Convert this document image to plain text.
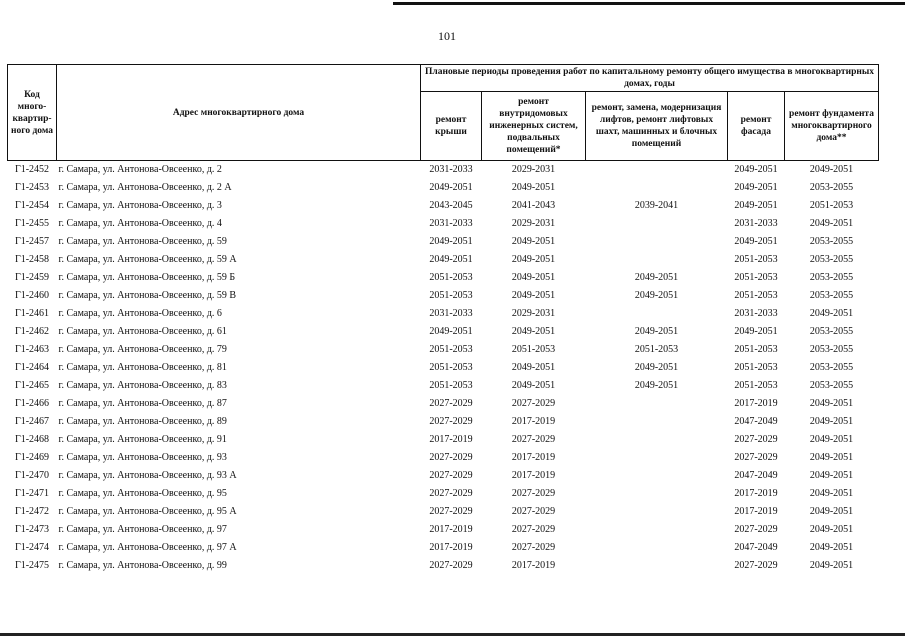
101
Код много-квартир-ного дома	Адрес многоквартирного дома	Плановые периоды проведения работ по капитальному ремонту общего имущества в многоквартирных домах, годы				
		ремонт крыши	ремонт внутридомовых инженерных систем, подвальных помещений*	ремонт, замена, модернизация лифтов, ремонт лифтовых шахт, машинных и блочных помещений	ремонт фасада	ремонт фундамента многоквартирного дома**
Г1-2452	г. Самара, ул. Антонова-Овсеенко, д. 2	2031-2033	2029-2031		2049-2051	2049-2051
Г1-2453	г. Самара, ул. Антонова-Овсеенко, д. 2 А	2049-2051	2049-2051		2049-2051	2053-2055
Г1-2454	г. Самара, ул. Антонова-Овсеенко, д. 3	2043-2045	2041-2043	2039-2041	2049-2051	2051-2053
Г1-2455	г. Самара, ул. Антонова-Овсеенко, д. 4	2031-2033	2029-2031		2031-2033	2049-2051
Г1-2457	г. Самара, ул. Антонова-Овсеенко, д. 59	2049-2051	2049-2051		2049-2051	2053-2055
Г1-2458	г. Самара, ул. Антонова-Овсеенко, д. 59 А	2049-2051	2049-2051		2051-2053	2053-2055
Г1-2459	г. Самара, ул. Антонова-Овсеенко, д. 59 Б	2051-2053	2049-2051	2049-2051	2051-2053	2053-2055
Г1-2460	г. Самара, ул. Антонова-Овсеенко, д. 59 В	2051-2053	2049-2051	2049-2051	2051-2053	2053-2055
Г1-2461	г. Самара, ул. Антонова-Овсеенко, д. 6	2031-2033	2029-2031		2031-2033	2049-2051
Г1-2462	г. Самара, ул. Антонова-Овсеенко, д. 61	2049-2051	2049-2051	2049-2051	2049-2051	2053-2055
Г1-2463	г. Самара, ул. Антонова-Овсеенко, д. 79	2051-2053	2051-2053	2051-2053	2051-2053	2053-2055
Г1-2464	г. Самара, ул. Антонова-Овсеенко, д. 81	2051-2053	2049-2051	2049-2051	2051-2053	2053-2055
Г1-2465	г. Самара, ул. Антонова-Овсеенко, д. 83	2051-2053	2049-2051	2049-2051	2051-2053	2053-2055
Г1-2466	г. Самара, ул. Антонова-Овсеенко, д. 87	2027-2029	2027-2029		2017-2019	2049-2051
Г1-2467	г. Самара, ул. Антонова-Овсеенко, д. 89	2027-2029	2017-2019		2047-2049	2049-2051
Г1-2468	г. Самара, ул. Антонова-Овсеенко, д. 91	2017-2019	2027-2029		2027-2029	2049-2051
Г1-2469	г. Самара, ул. Антонова-Овсеенко, д. 93	2027-2029	2017-2019		2027-2029	2049-2051
Г1-2470	г. Самара, ул. Антонова-Овсеенко, д. 93 А	2027-2029	2017-2019		2047-2049	2049-2051
Г1-2471	г. Самара, ул. Антонова-Овсеенко, д. 95	2027-2029	2027-2029		2017-2019	2049-2051
Г1-2472	г. Самара, ул. Антонова-Овсеенко, д. 95 А	2027-2029	2027-2029		2017-2019	2049-2051
Г1-2473	г. Самара, ул. Антонова-Овсеенко, д. 97	2017-2019	2027-2029		2027-2029	2049-2051
Г1-2474	г. Самара, ул. Антонова-Овсеенко, д. 97 А	2017-2019	2027-2029		2047-2049	2049-2051
Г1-2475	г. Самара, ул. Антонова-Овсеенко, д. 99	2027-2029	2017-2019		2027-2029	2049-2051
